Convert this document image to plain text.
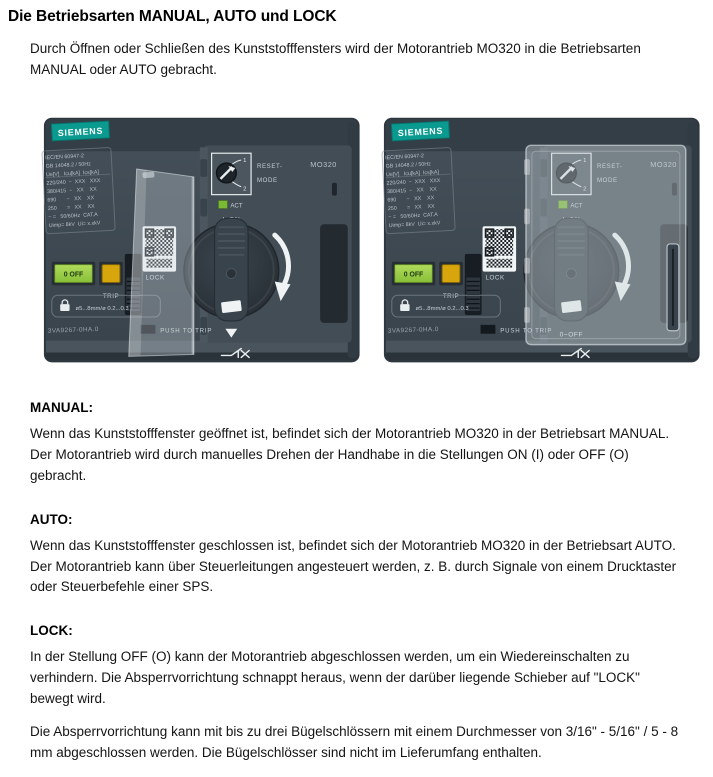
Die Betriebsarten MANUAL, AUTO und LOCK

Durch Öffnen oder Schließen des Kunststofffensters wird der Motorantrieb MO320 in die Betriebsarten MANUAL oder AUTO gebracht.

0~OFF
MANUAL:

Wenn das Kunststofffenster geöffnet ist, befindet sich der Motorantrieb MO320 in der Betriebsart MANUAL. Der Motorantrieb wird durch manuelles Drehen der Handhabe in die Stellungen ON (I) oder OFF (O) gebracht.

AUTO:

Wenn das Kunststofffenster geschlossen ist, befindet sich der Motorantrieb MO320 in der Betriebsart AUTO. Der Motorantrieb kann über Steuerleitungen angesteuert werden, z. B. durch Signale von einem Drucktaster oder Steuerbefehle einer SPS.

LOCK:

In der Stellung OFF (O) kann der Motorantrieb abgeschlossen werden, um ein Wiedereinschalten zu verhindern. Die Absperrvorrichtung schnappt heraus, wenn der darüber liegende Schieber auf "LOCK" bewegt wird.

Die Absperrvorrichtung kann mit bis zu drei Bügelschlössern mit einem Durchmesser von 3/16" - 5/16" / 5 - 8 mm abgeschlossen werden. Die Bügelschlösser sind nicht im Lieferumfang enthalten.
